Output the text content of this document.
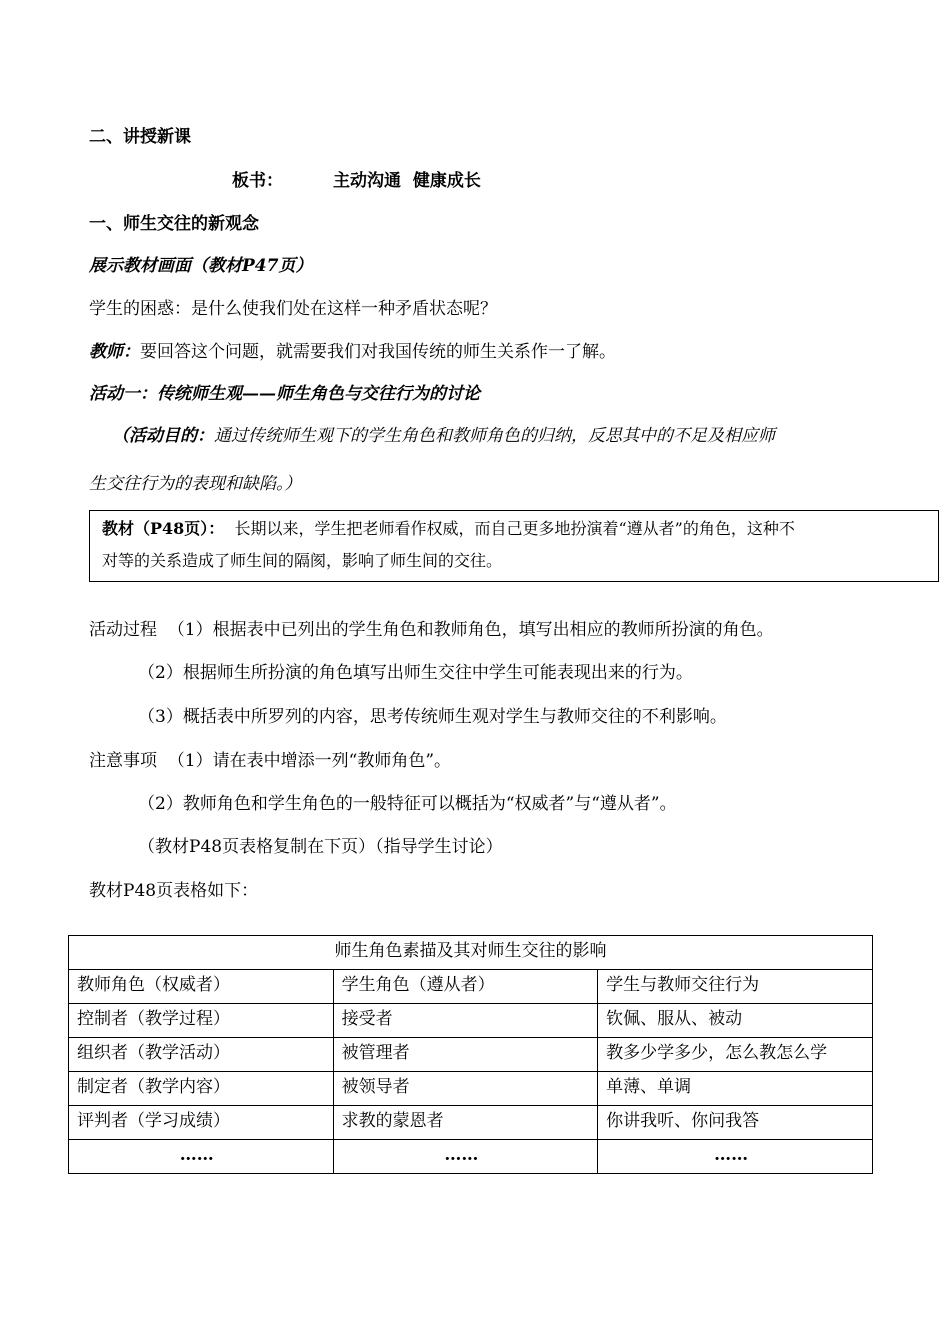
二、讲授新课
板书：	主动沟通  健康成长
一、师生交往的新观念
展示教材画面（教材P47页）
学生的困惑：是什么使我们处在这样一种矛盾状态呢？
教师：要回答这个问题，就需要我们对我国传统的师生关系作一了解。
活动一：传统师生观——师生角色与交往行为的讨论
（活动目的：通过传统师生观下的学生角色和教师角色的归纳，反思其中的不足及相应师
生交往行为的表现和缺陷。）
教材（P48页）： 长期以来，学生把老师看作权威，而自己更多地扮演着“遵从者”的角色，这种不
对等的关系造成了师生间的隔阂，影响了师生间的交往。
活动过程  （1）根据表中已列出的学生角色和教师角色，填写出相应的教师所扮演的角色。
（2）根据师生所扮演的角色填写出师生交往中学生可能表现出来的行为。
（3）概括表中所罗列的内容，思考传统师生观对学生与教师交往的不利影响。
注意事项  （1）请在表中增添一列“教师角色”。
（2）教师角色和学生角色的一般特征可以概括为“权威者”与“遵从者”。
（教材P48页表格复制在下页）（指导学生讨论）
教材P48页表格如下：
师生角色素描及其对师生交往的影响		
教师角色（权威者）	学生角色（遵从者）	学生与教师交往行为
控制者（教学过程）	接受者	钦佩、服从、被动
组织者（教学活动）	被管理者	教多少学多少，怎么教怎么学
制定者（教学内容）	被领导者	单薄、单调
评判者（学习成绩）	求教的蒙恩者	你讲我听、你问我答
……	……	……
